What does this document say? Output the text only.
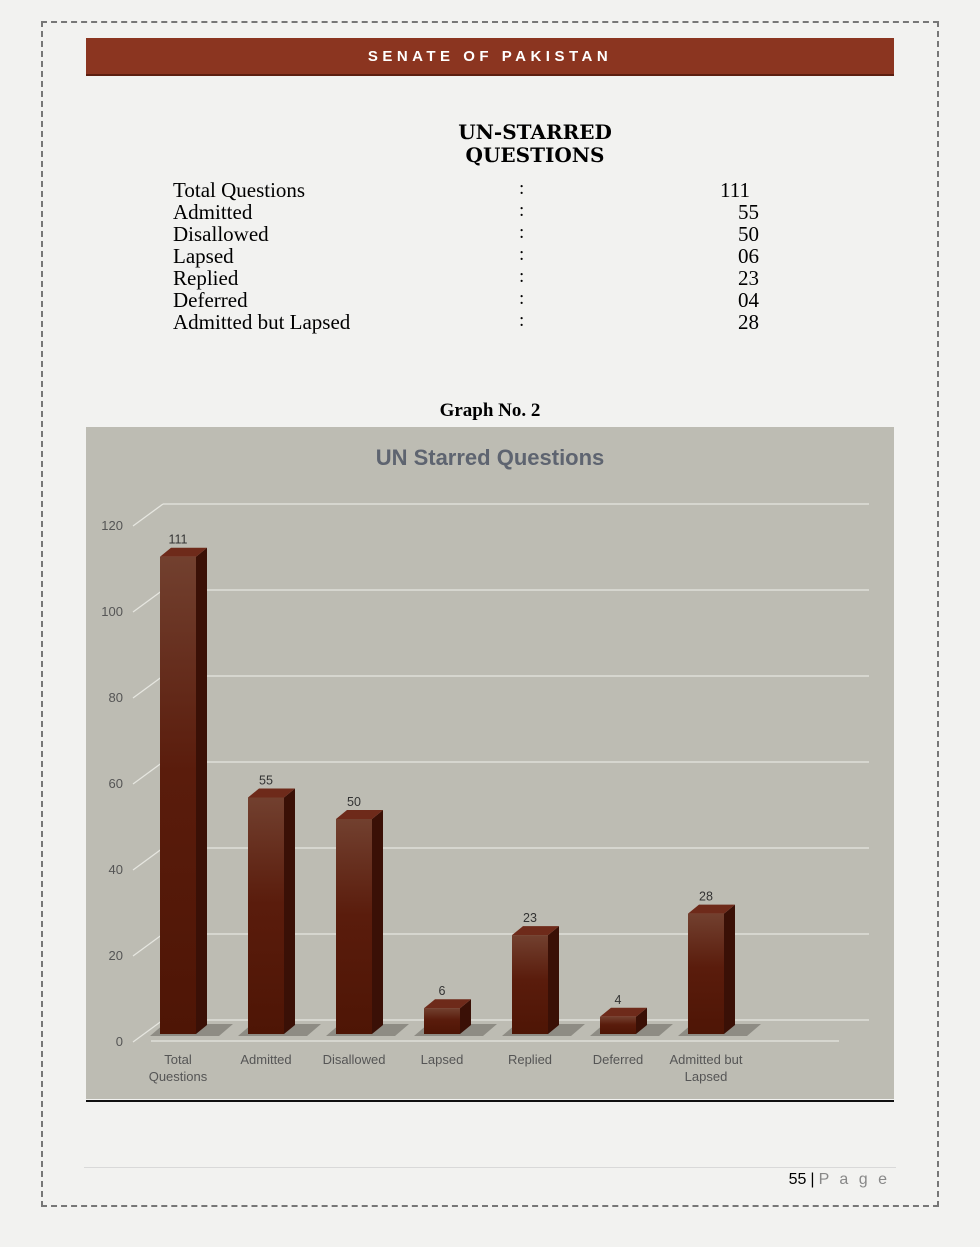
SENATE OF PAKISTAN
UN-STARRED
QUESTIONS
Total Questions	:	111
Admitted	:	55
Disallowed	:	50
Lapsed	:	06
Replied	:	23
Deferred	:	04
Admitted but Lapsed	:	28
Graph No. 2
UN Starred Questions
0
20
40
60
80
100
120
111
Total
Questions
55
Admitted
50
Disallowed
6
Lapsed
23
Replied
4
Deferred
28
Admitted but
Lapsed
55 | P a g e
